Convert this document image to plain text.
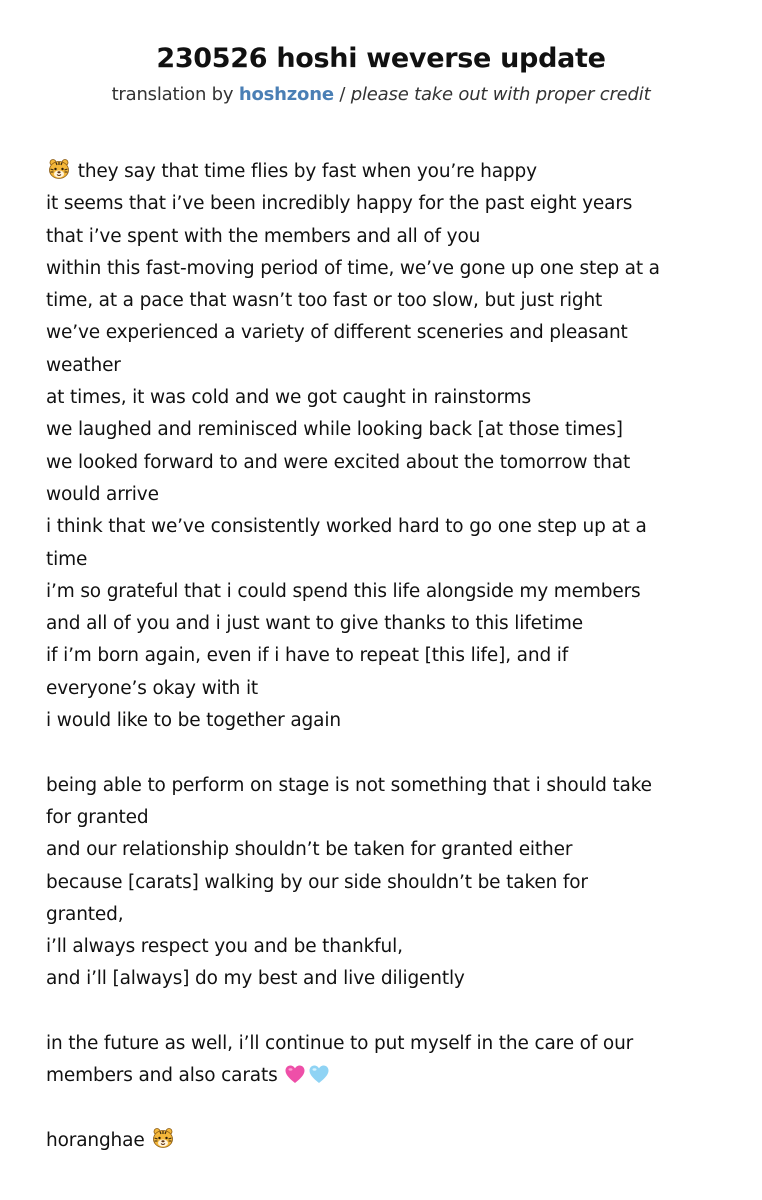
230526 hoshi weverse update
translation by hoshzone / please take out with proper credit
they say that time flies by fast when you’re happy
it seems that i’ve been incredibly happy for the past eight years
that i’ve spent with the members and all of you
within this fast-moving period of time, we’ve gone up one step at a
time, at a pace that wasn’t too fast or too slow, but just right
we’ve experienced a variety of different sceneries and pleasant
weather
at times, it was cold and we got caught in rainstorms
we laughed and reminisced while looking back [at those times]
we looked forward to and were excited about the tomorrow that
would arrive
i think that we’ve consistently worked hard to go one step up at a
time
i’m so grateful that i could spend this life alongside my members
and all of you and i just want to give thanks to this lifetime
if i’m born again, even if i have to repeat [this life], and if
everyone’s okay with it
i would like to be together again
being able to perform on stage is not something that i should take
for granted
and our relationship shouldn’t be taken for granted either
because [carats] walking by our side shouldn’t be taken for
granted,
i’ll always respect you and be thankful,
and i’ll [always] do my best and live diligently
in the future as well, i’ll continue to put myself in the care of our
members and also carats
horanghae
